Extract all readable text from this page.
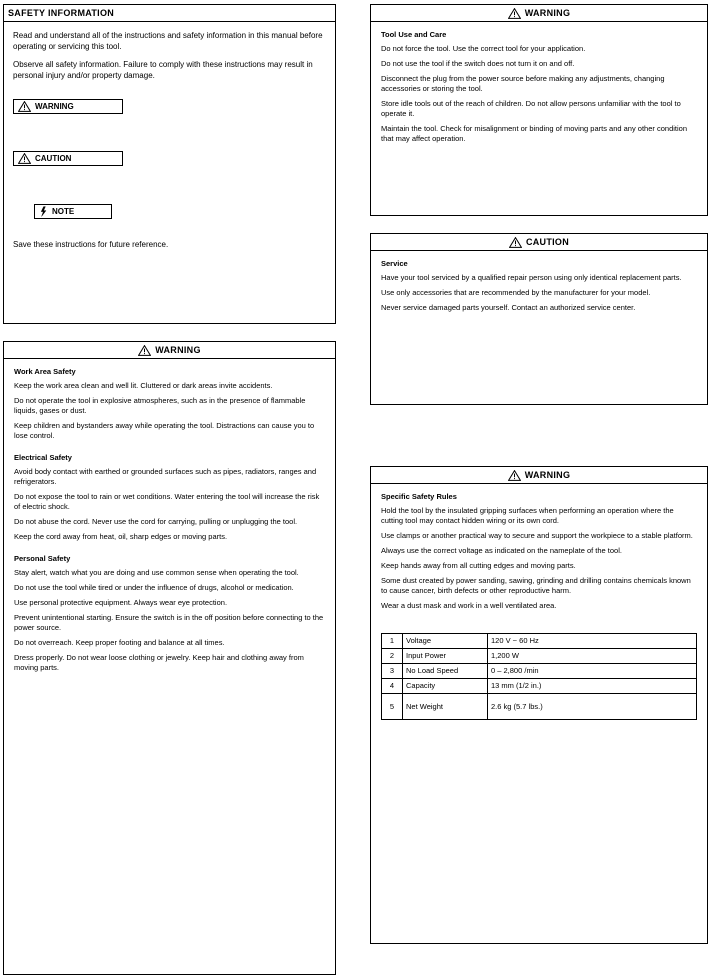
SAFETY INFORMATION
Read and understand all of the instructions and safety information in this manual before operating or servicing this tool.
Observe all safety information. Failure to comply with these instructions may result in personal injury and/or property damage.
WARNING
CAUTION
NOTE
Save these instructions for future reference.
WARNING
Work Area Safety
Keep the work area clean and well lit. Cluttered or dark areas invite accidents.
Do not operate the tool in explosive atmospheres, such as in the presence of flammable liquids, gases or dust.
Keep children and bystanders away while operating the tool. Distractions can cause you to lose control.
Electrical Safety
Avoid body contact with earthed or grounded surfaces such as pipes, radiators, ranges and refrigerators.
Do not expose the tool to rain or wet conditions. Water entering the tool will increase the risk of electric shock.
Do not abuse the cord. Never use the cord for carrying, pulling or unplugging the tool.
Keep the cord away from heat, oil, sharp edges or moving parts.
Personal Safety
Stay alert, watch what you are doing and use common sense when operating the tool.
Do not use the tool while tired or under the influence of drugs, alcohol or medication.
Use personal protective equipment. Always wear eye protection.
Prevent unintentional starting. Ensure the switch is in the off position before connecting to the power source.
Do not overreach. Keep proper footing and balance at all times.
Dress properly. Do not wear loose clothing or jewelry. Keep hair and clothing away from moving parts.
WARNING
Tool Use and Care
Do not force the tool. Use the correct tool for your application.
Do not use the tool if the switch does not turn it on and off.
Disconnect the plug from the power source before making any adjustments, changing accessories or storing the tool.
Store idle tools out of the reach of children. Do not allow persons unfamiliar with the tool to operate it.
Maintain the tool. Check for misalignment or binding of moving parts and any other condition that may affect operation.
CAUTION
Service
Have your tool serviced by a qualified repair person using only identical replacement parts.
Use only accessories that are recommended by the manufacturer for your model.
Never service damaged parts yourself. Contact an authorized service center.
WARNING
Specific Safety Rules
Hold the tool by the insulated gripping surfaces when performing an operation where the cutting tool may contact hidden wiring or its own cord.
Use clamps or another practical way to secure and support the workpiece to a stable platform.
Always use the correct voltage as indicated on the nameplate of the tool.
Keep hands away from all cutting edges and moving parts.
Some dust created by power sanding, sawing, grinding and drilling contains chemicals known to cause cancer, birth defects or other reproductive harm.
Wear a dust mask and work in a well ventilated area.
1	Voltage	120 V ~ 60 Hz
2	Input Power	1,200 W
3	No Load Speed	0 – 2,800 /min
4	Capacity	13 mm (1/2 in.)
5	Net Weight	2.6 kg (5.7 lbs.)
